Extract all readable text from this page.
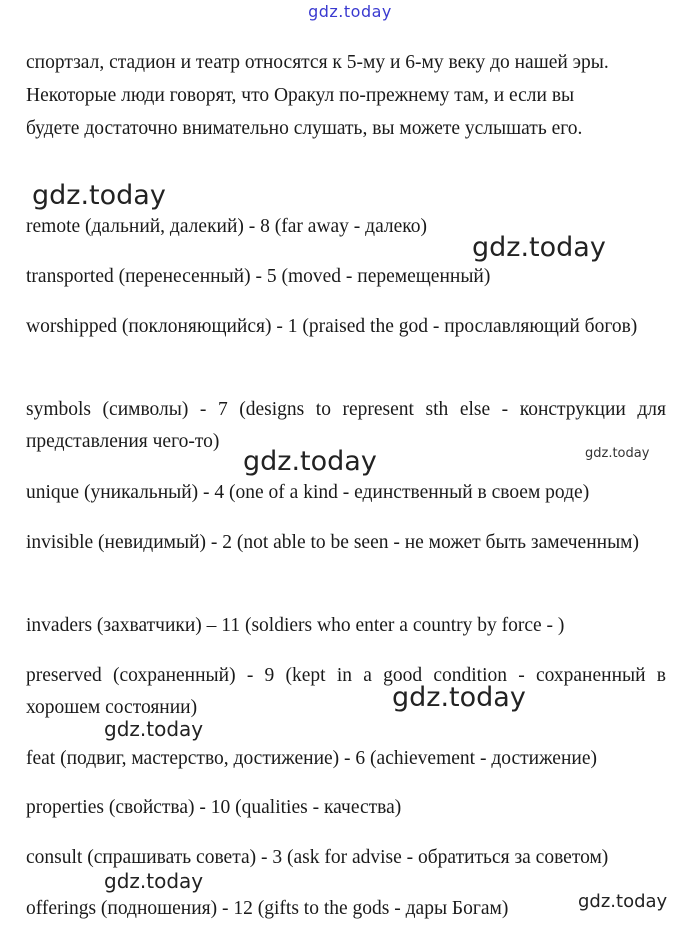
gdz.today
спортзал, стадион и театр относятся к 5-му и 6-му веку до нашей эры.
Некоторые люди говорят, что Оракул по-прежнему там, и если вы
будете достаточно внимательно слушать, вы можете услышать его.
remote (дальний, далекий) - 8 (far away - далеко)
transported (перенесенный) - 5 (moved - перемещенный)
worshipped (поклоняющийся) - 1 (praised the god - прославляющий богов)
symbols (символы) - 7 (designs to represent sth else - конструкции для представления чего-то)
unique (уникальный) - 4 (one of a kind - единственный в своем роде)
invisible (невидимый) - 2 (not able to be seen - не может быть замеченным)
invaders (захватчики) – 11 (soldiers who enter a country by force - )
preserved (сохраненный) - 9 (kept in a good condition - сохраненный в хорошем состоянии)
feat (подвиг, мастерство, достижение) - 6 (achievement - достижение)
properties (свойства) - 10 (qualities - качества)
consult (спрашивать совета) - 3 (ask for advise - обратиться за советом)
offerings (подношения) - 12 (gifts to the gods - дары Богам)
gdz.today
gdz.today
gdz.today	gdz.today
gdz.today
gdz.today
gdz.today
gdz.today
